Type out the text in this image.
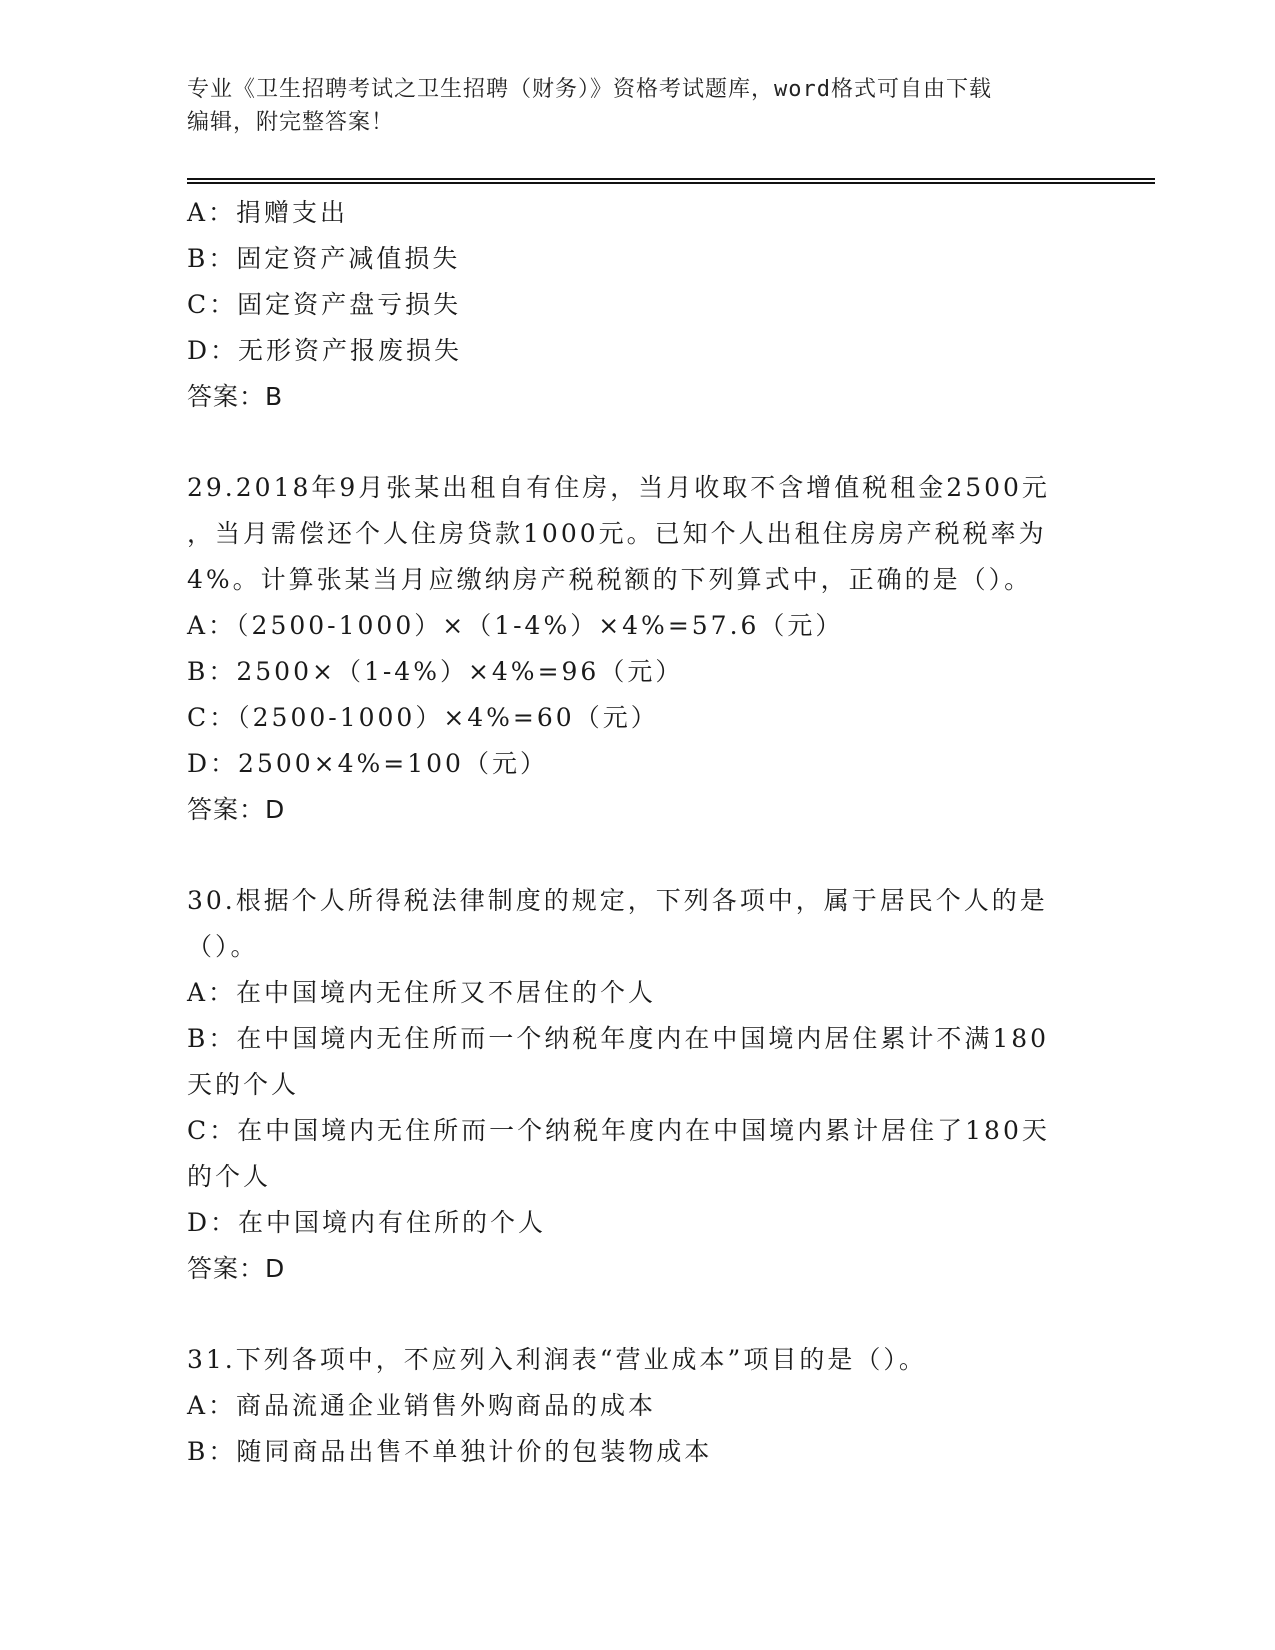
专业《卫生招聘考试之卫生招聘（财务）》资格考试题库，word格式可自由下载
编辑，附完整答案！
A：捐赠支出
B：固定资产减值损失
C：固定资产盘亏损失
D：无形资产报废损失
答案：B
29.2018年9月张某出租自有住房，当月收取不含增值税租金2500元
，当月需偿还个人住房贷款1000元。已知个人出租住房房产税税率为
4%。计算张某当月应缴纳房产税税额的下列算式中，正确的是（）。
A：（2500-1000）×（1-4%）×4%=57.6（元）
B：2500×（1-4%）×4%=96（元）
C：（2500-1000）×4%=60（元）
D：2500×4%=100（元）
答案：D
30.根据个人所得税法律制度的规定，下列各项中，属于居民个人的是
（）。
A：在中国境内无住所又不居住的个人
B：在中国境内无住所而一个纳税年度内在中国境内居住累计不满180
天的个人
C：在中国境内无住所而一个纳税年度内在中国境内累计居住了180天
的个人
D：在中国境内有住所的个人
答案：D
31.下列各项中，不应列入利润表“营业成本”项目的是（）。
A：商品流通企业销售外购商品的成本
B：随同商品出售不单独计价的包装物成本
